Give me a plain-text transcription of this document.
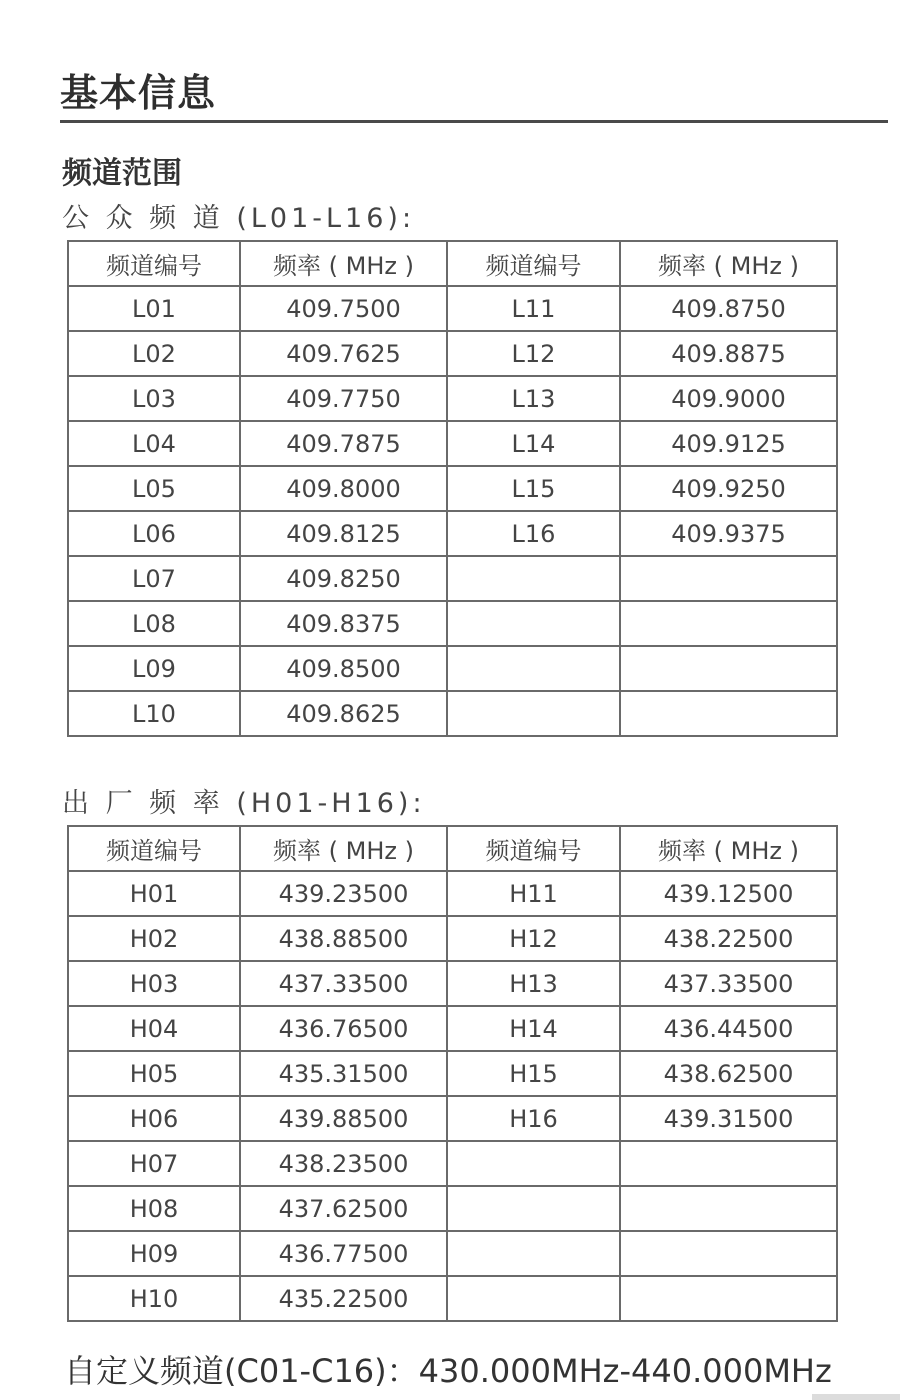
基本信息
频道范围
公 众 频 道 (L01-L16):
频道编号	频率 ( MHz )	频道编号	频率 ( MHz )
L01	409.7500	L11	409.8750
L02	409.7625	L12	409.8875
L03	409.7750	L13	409.9000
L04	409.7875	L14	409.9125
L05	409.8000	L15	409.9250
L06	409.8125	L16	409.9375
L07	409.8250		
L08	409.8375		
L09	409.8500		
L10	409.8625		
出 厂 频 率 (H01-H16):
频道编号	频率 ( MHz )	频道编号	频率 ( MHz )
H01	439.23500	H11	439.12500
H02	438.88500	H12	438.22500
H03	437.33500	H13	437.33500
H04	436.76500	H14	436.44500
H05	435.31500	H15	438.62500
H06	439.88500	H16	439.31500
H07	438.23500		
H08	437.62500		
H09	436.77500		
H10	435.22500		
自定义频道(C01-C16)：430.000MHz-440.000MHz
